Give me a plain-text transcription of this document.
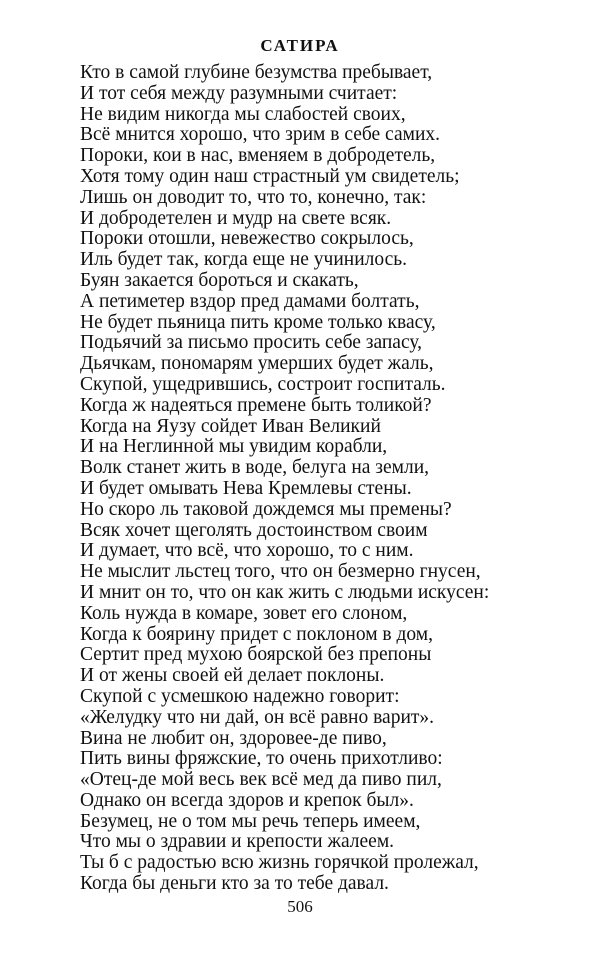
САТИРА
Кто в самой глубине безумства пребывает,
И тот себя между разумными считает:
Не видим никогда мы слабостей своих,
Всё мнится хорошо, что зрим в себе самих.
Пороки, кои в нас, вменяем в добродетель,
Хотя тому один наш страстный ум свидетель;
Лишь он доводит то, что то, конечно, так:
И добродетелен и мудр на свете всяк.
Пороки отошли, невежество сокрылось,
Иль будет так, когда еще не учинилось.
Буян закается бороться и скакать,
А петиметер вздор пред дамами болтать,
Не будет пьяница пить кроме только квасу,
Подьячий за письмо просить себе запасу,
Дьячкам, пономарям умерших будет жаль,
Скупой, ущедрившись, сострoит госпиталь.
Когда ж надеяться премене быть толикой?
Когда на Яузу сойдет Иван Великий
И на Неглинной мы увидим корабли,
Волк станет жить в воде, белуга на земли,
И будет омывать Нева Кремлевы стены.
Но скоро ль таковой дождемся мы премены?
Всяк хочет щеголять достоинством своим
И думает, что всё, что хорошо, то с ним.
Не мыслит льстец того, что он безмерно гнусен,
И мнит он то, что он как жить с людьми искусен:
Коль нужда в комаре, зовет его слоном,
Когда к боярину придет с поклоном в дом,
Сертит пред мухою боярской без препоны
И от жены своей ей делает поклоны.
Скупой с усмешкою надежно говорит:
«Желудку что ни дай, он всё равно варит».
Вина не любит он, здоровее-де пиво,
Пить вины фряжские, то очень прихотливо:
«Отец-де мой весь век всё мед да пиво пил,
Однако он всегда здоров и крепок был».
Безумец, не о том мы речь теперь имеем,
Что мы о здравии и крепости жалеем.
Ты б с радостью всю жизнь горячкой пролежал,
Когда бы деньги кто за то тебе давал.
506
